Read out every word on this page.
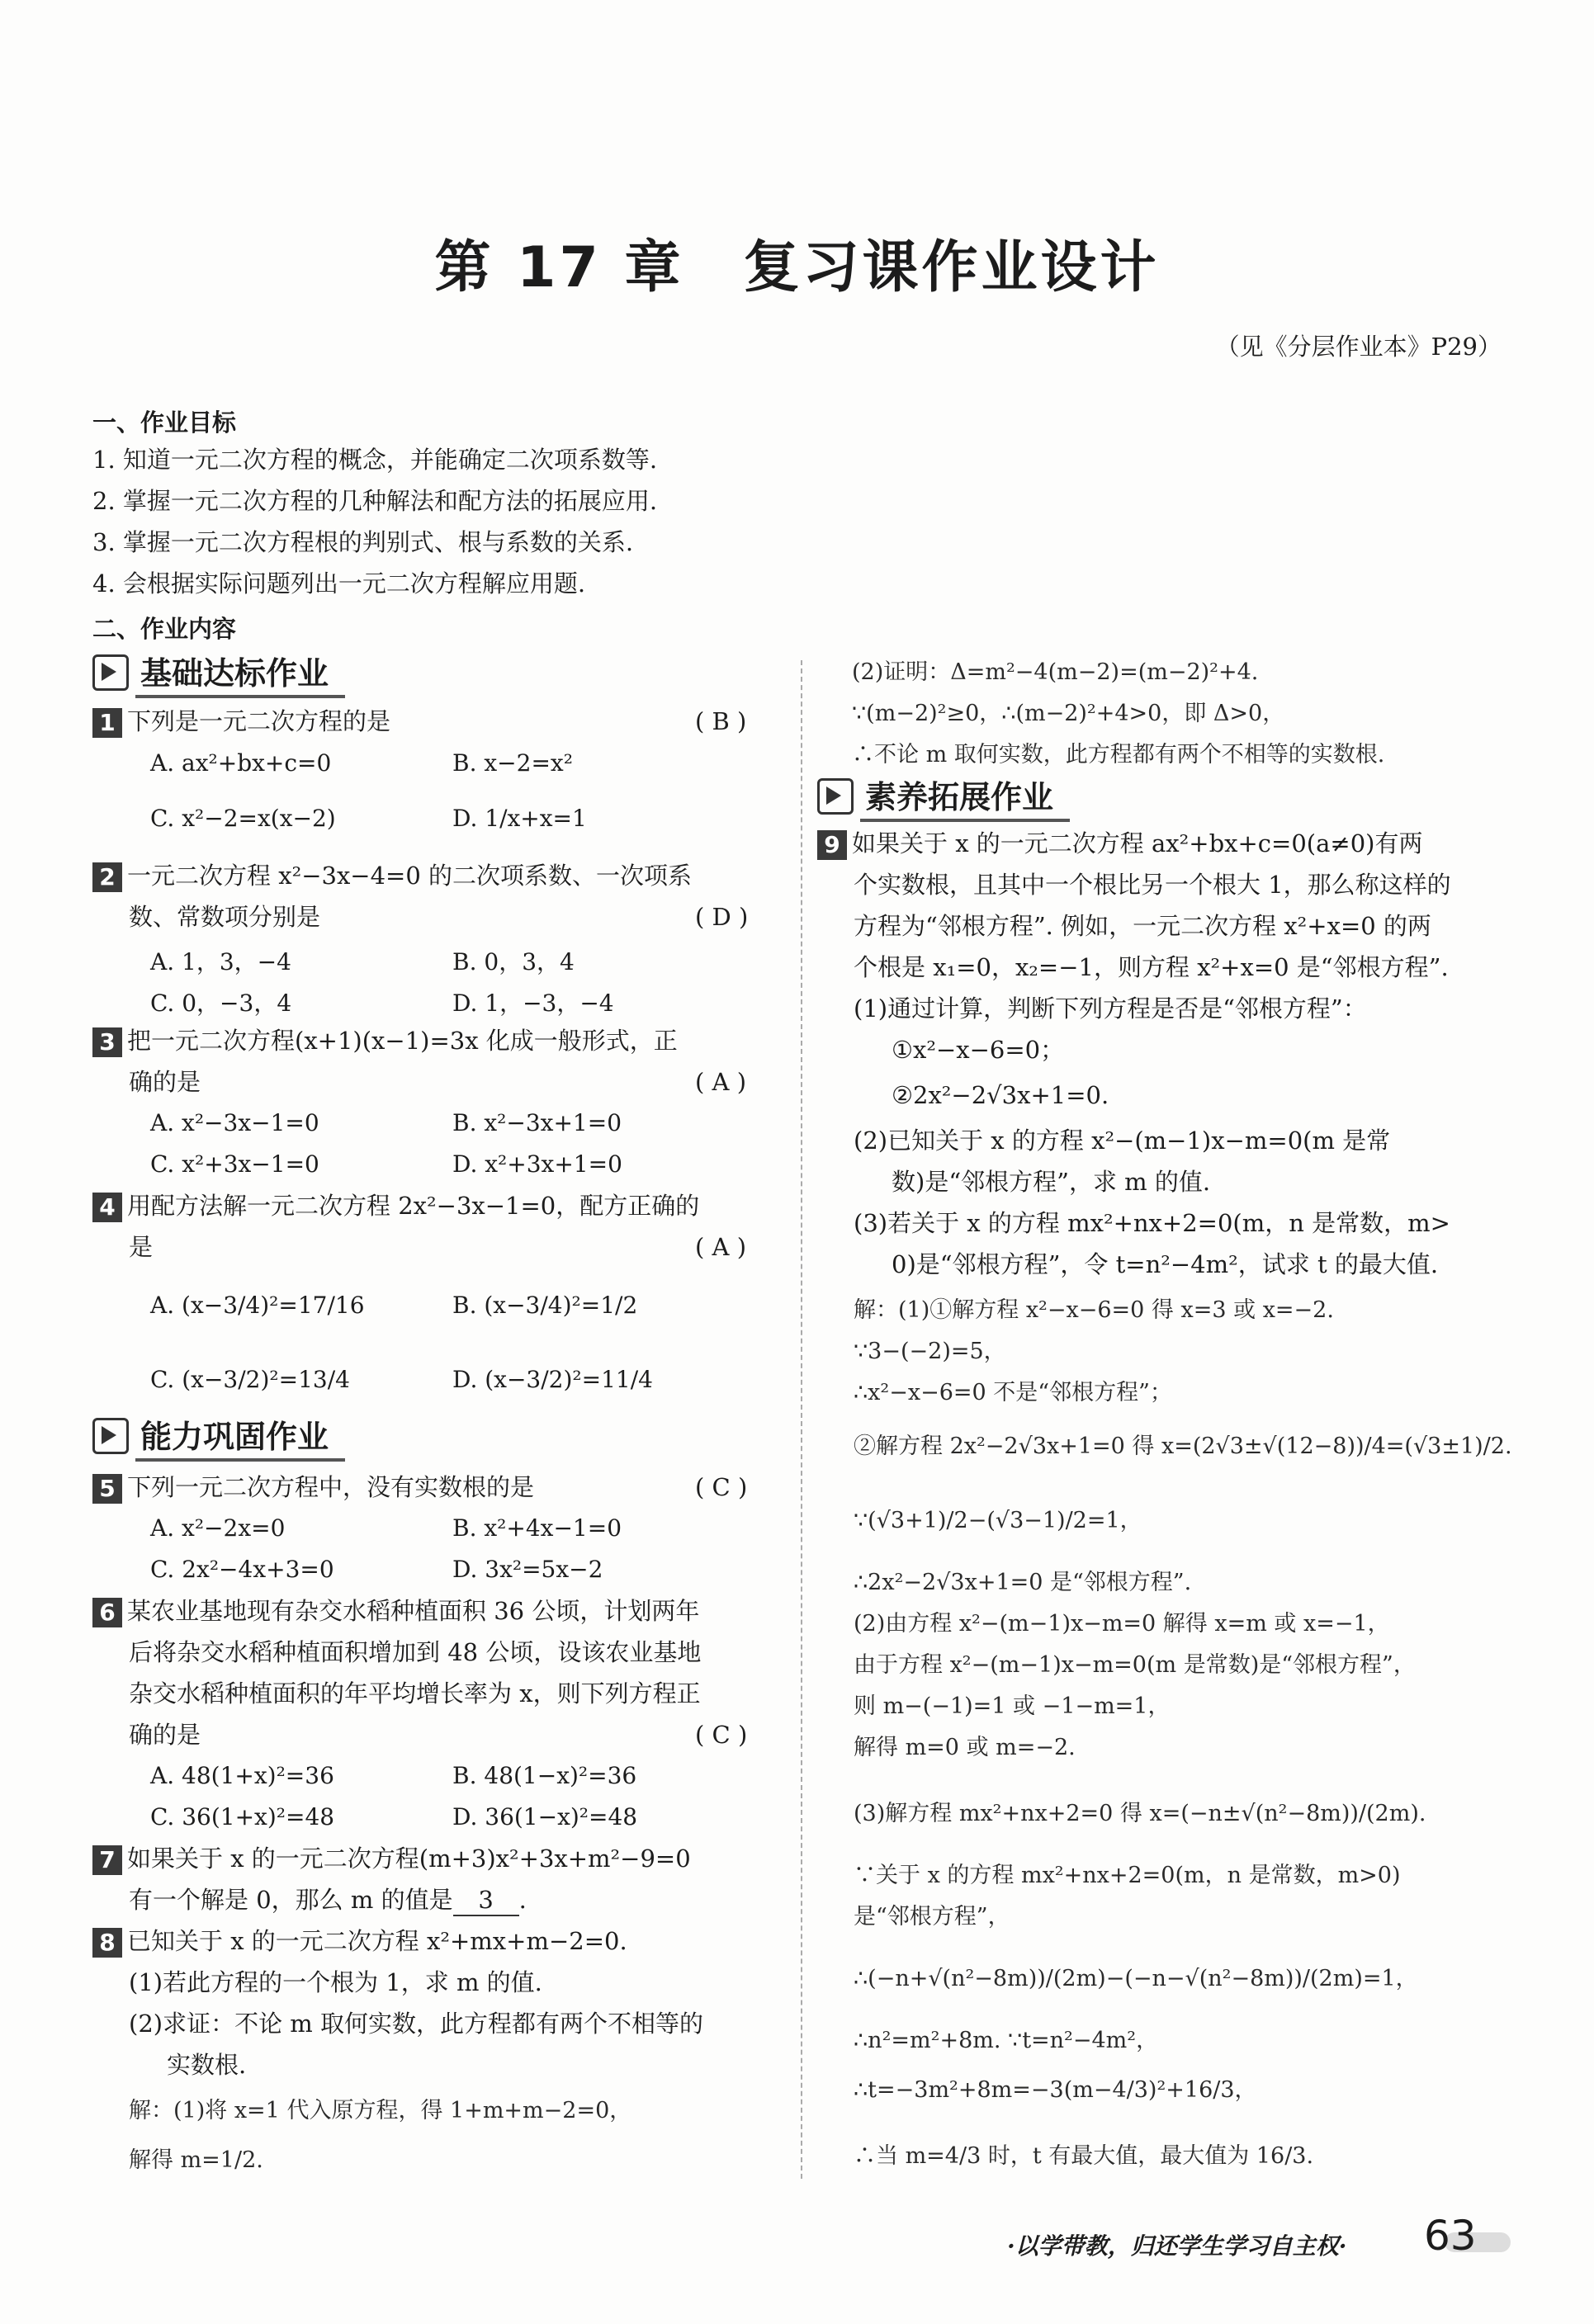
第 17 章　复习课作业设计
（见《分层作业本》P29）
一、作业目标
1. 知道一元二次方程的概念，并能确定二次项系数等.
2. 掌握一元二次方程的几种解法和配方法的拓展应用.
3. 掌握一元二次方程根的判别式、根与系数的关系.
4. 会根据实际问题列出一元二次方程解应用题.
二、作业内容
基础达标作业
1 下列是一元二次方程的是	( B )
A. ax²+bx+c=0	B. x−2=x²
C. x²−2=x(x−2)	D. 1/x+x=1
2 一元二次方程 x²−3x−4=0 的二次项系数、一次项系
数、常数项分别是	( D )
A. 1，3，−4	B. 0，3，4
C. 0，−3，4	D. 1，−3，−4
3 把一元二次方程(x+1)(x−1)=3x 化成一般形式，正
确的是	( A )
A. x²−3x−1=0	B. x²−3x+1=0
C. x²+3x−1=0	D. x²+3x+1=0
4 用配方法解一元二次方程 2x²−3x−1=0，配方正确的
是	( A )
A. (x−3/4)²=17/16	B. (x−3/4)²=1/2
C. (x−3/2)²=13/4	D. (x−3/2)²=11/4
能力巩固作业
5 下列一元二次方程中，没有实数根的是	( C )
A. x²−2x=0	B. x²+4x−1=0
C. 2x²−4x+3=0	D. 3x²=5x−2
6 某农业基地现有杂交水稻种植面积 36 公顷，计划两年
后将杂交水稻种植面积增加到 48 公顷，设该农业基地
杂交水稻种植面积的年平均增长率为 x，则下列方程正
确的是	( C )
A. 48(1+x)²=36	B. 48(1−x)²=36
C. 36(1+x)²=48	D. 36(1−x)²=48
7 如果关于 x 的一元二次方程(m+3)x²+3x+m²−9=0
有一个解是 0，那么 m 的值是 3 .
8 已知关于 x 的一元二次方程 x²+mx+m−2=0.
(1)若此方程的一个根为 1，求 m 的值.
(2)求证：不论 m 取何实数，此方程都有两个不相等的
实数根.
解：(1)将 x=1 代入原方程，得 1+m+m−2=0，
解得 m=1/2.
(2)证明：Δ=m²−4(m−2)=(m−2)²+4.
∵(m−2)²≥0，∴(m−2)²+4>0，即 Δ>0，
∴不论 m 取何实数，此方程都有两个不相等的实数根.
素养拓展作业
9 如果关于 x 的一元二次方程 ax²+bx+c=0(a≠0)有两
个实数根，且其中一个根比另一个根大 1，那么称这样的
方程为“邻根方程”. 例如，一元二次方程 x²+x=0 的两
个根是 x₁=0，x₂=−1，则方程 x²+x=0 是“邻根方程”.
(1)通过计算，判断下列方程是否是“邻根方程”：
①x²−x−6=0；
②2x²−2√3x+1=0.
(2)已知关于 x 的方程 x²−(m−1)x−m=0(m 是常
数)是“邻根方程”，求 m 的值.
(3)若关于 x 的方程 mx²+nx+2=0(m，n 是常数，m>
0)是“邻根方程”，令 t=n²−4m²，试求 t 的最大值.
解：(1)①解方程 x²−x−6=0 得 x=3 或 x=−2.
∵3−(−2)=5，
∴x²−x−6=0 不是“邻根方程”；
②解方程 2x²−2√3x+1=0 得 x=(2√3±√(12−8))/4=(√3±1)/2.
∵(√3+1)/2−(√3−1)/2=1，
∴2x²−2√3x+1=0 是“邻根方程”.
(2)由方程 x²−(m−1)x−m=0 解得 x=m 或 x=−1，
由于方程 x²−(m−1)x−m=0(m 是常数)是“邻根方程”，
则 m−(−1)=1 或 −1−m=1，
解得 m=0 或 m=−2.
(3)解方程 mx²+nx+2=0 得 x=(−n±√(n²−8m))/(2m).
∵关于 x 的方程 mx²+nx+2=0(m，n 是常数，m>0)
是“邻根方程”，
∴(−n+√(n²−8m))/(2m)−(−n−√(n²−8m))/(2m)=1，
∴n²=m²+8m. ∵t=n²−4m²，
∴t=−3m²+8m=−3(m−4/3)²+16/3，
∴当 m=4/3 时，t 有最大值，最大值为 16/3.
·以学带教，归还学生学习自主权· 63
